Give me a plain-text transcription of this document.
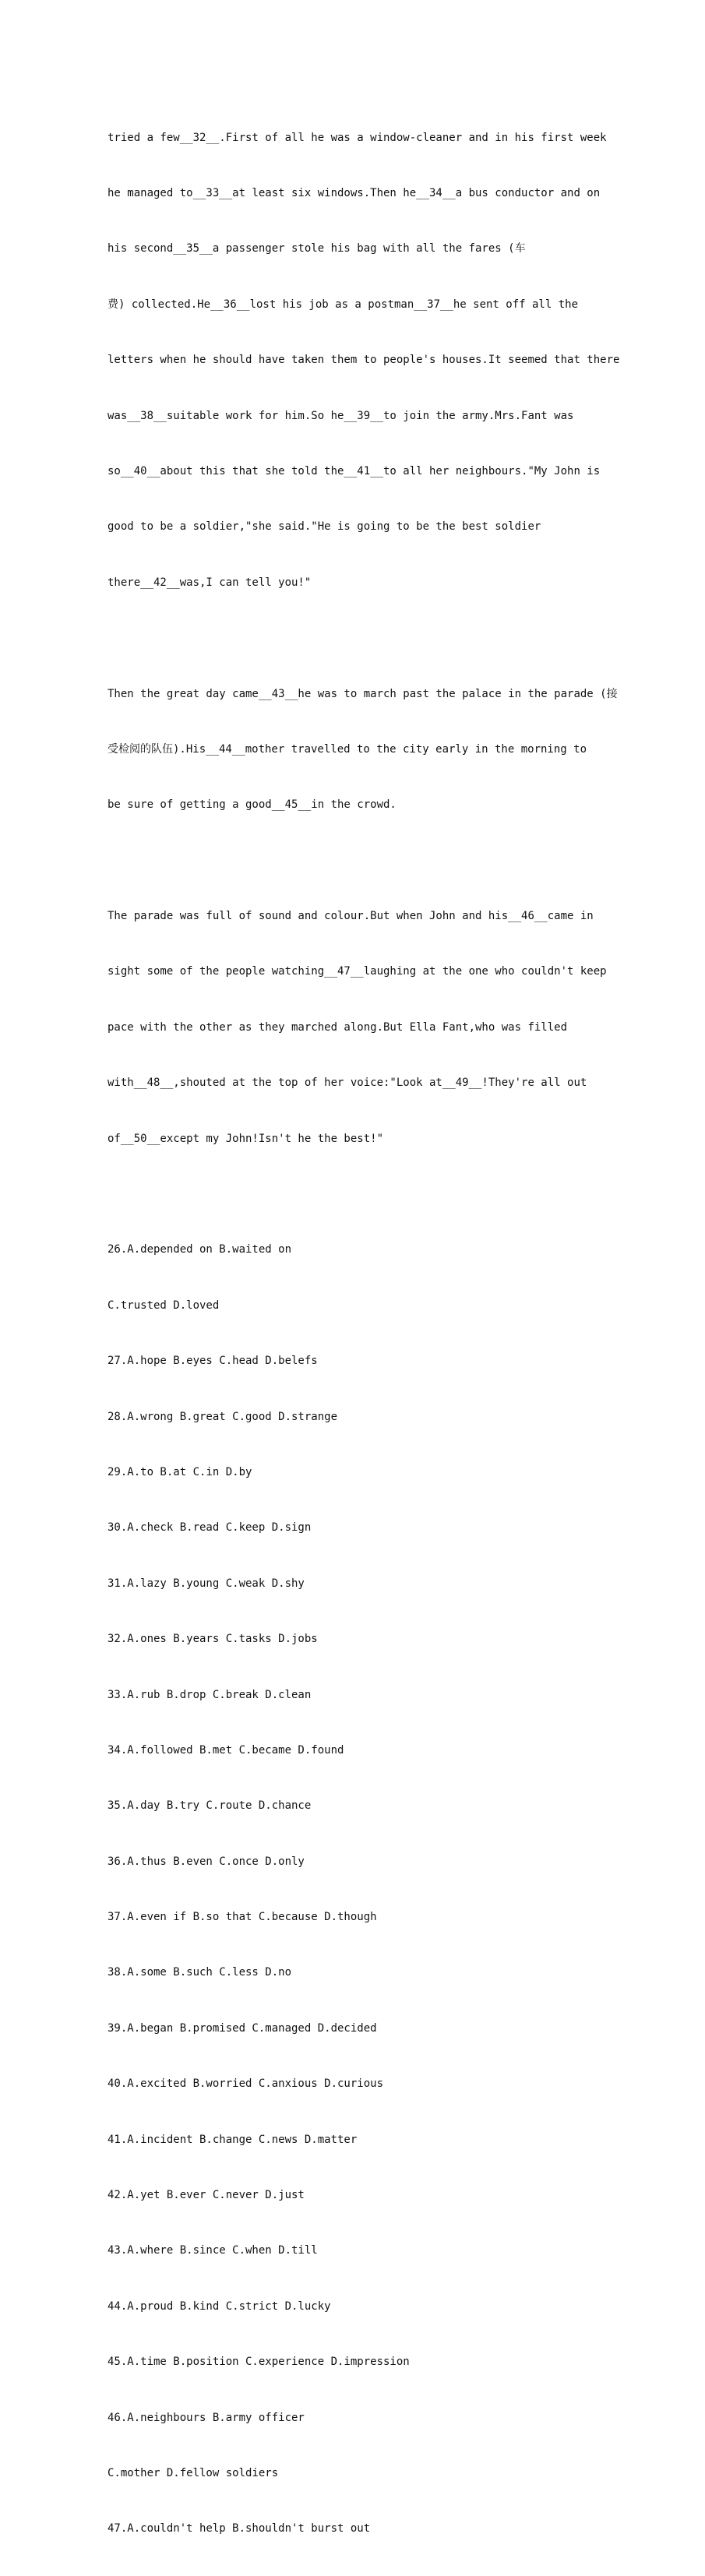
tried a few__32__.First of all he was a window-cleaner and in his first week

he managed to__33__at least six windows.Then he__34__a bus conductor and on

his second__35__a passenger stole his bag with all the fares (车

费) collected.He__36__lost his job as a postman__37__he sent off all the

letters when he should have taken them to people's houses.It seemed that there

was__38__suitable work for him.So he__39__to join the army.Mrs.Fant was

so__40__about this that she told the__41__to all her neighbours."My John is

good to be a soldier,"she said."He is going to be the best soldier

there__42__was,I can tell you!"

Then the great day came__43__he was to march past the palace in the parade (接

受检阅的队伍).His__44__mother travelled to the city early in the morning to

be sure of getting a good__45__in the crowd.

The parade was full of sound and colour.But when John and his__46__came in

sight some of the people watching__47__laughing at the one who couldn't keep

pace with the other as they marched along.But Ella Fant,who was filled

with__48__,shouted at the top of her voice:"Look at__49__!They're all out

of__50__except my John!Isn't he the best!"

26.A.depended on B.waited on

C.trusted D.loved

27.A.hope B.eyes C.head D.belefs

28.A.wrong B.great C.good D.strange

29.A.to B.at C.in D.by

30.A.check B.read C.keep D.sign

31.A.lazy B.young C.weak D.shy

32.A.ones B.years C.tasks D.jobs

33.A.rub B.drop C.break D.clean

34.A.followed B.met C.became D.found

35.A.day B.try C.route D.chance

36.A.thus B.even C.once D.only

37.A.even if B.so that C.because D.though

38.A.some B.such C.less D.no

39.A.began B.promised C.managed D.decided

40.A.excited B.worried C.anxious D.curious

41.A.incident B.change C.news D.matter

42.A.yet B.ever C.never D.just

43.A.where B.since C.when D.till

44.A.proud B.kind C.strict D.lucky

45.A.time B.position C.experience D.impression

46.A.neighbours B.army officer

C.mother D.fellow soldiers

47.A.couldn't help B.shouldn't burst out
